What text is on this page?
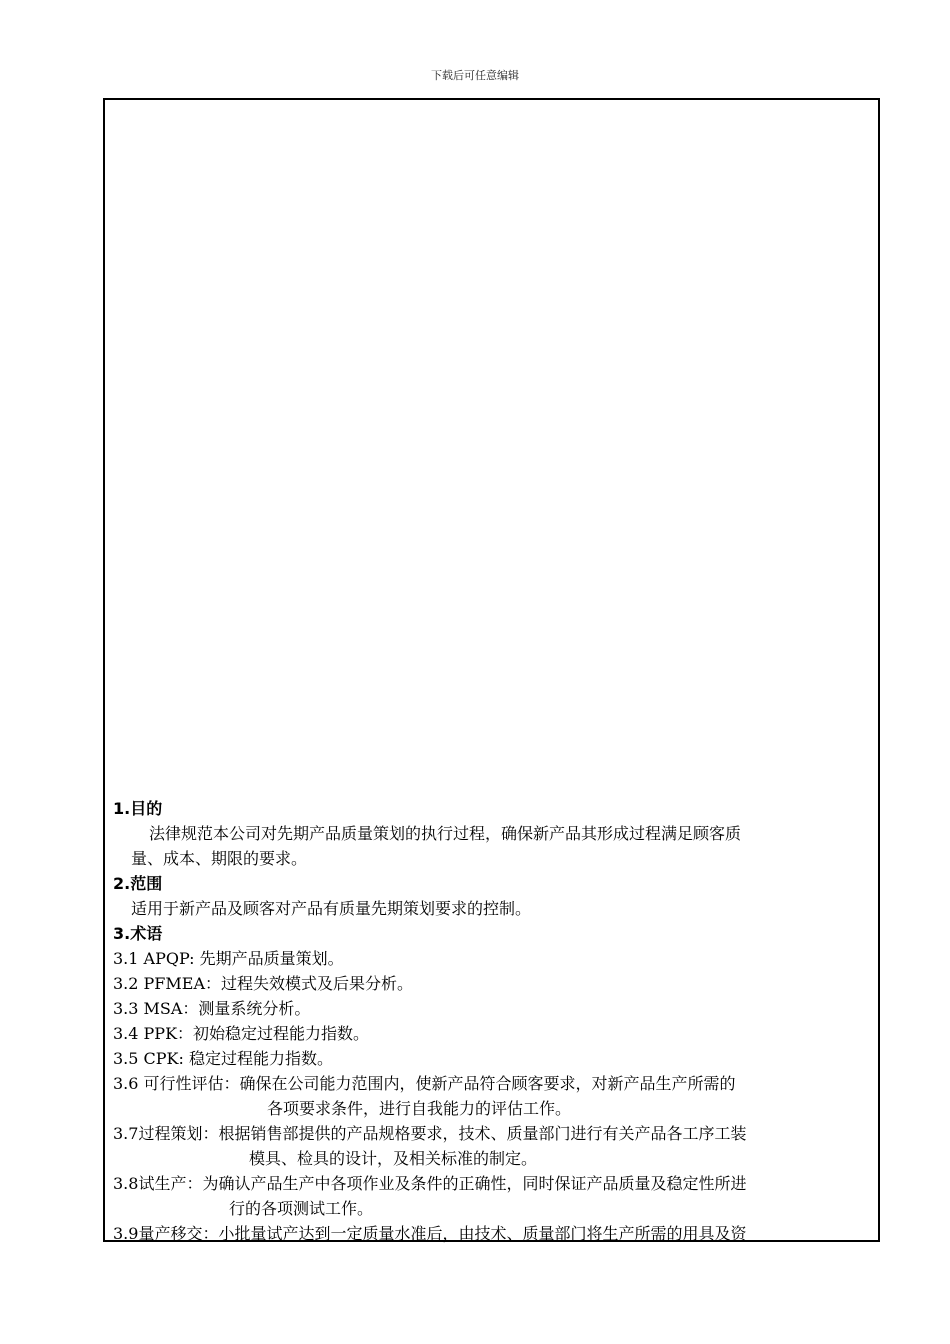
下载后可任意编辑
1.目的
法律规范本公司对先期产品质量策划的执行过程，确保新产品其形成过程满足顾客质
量、成本、期限的要求。
2.范围
适用于新产品及顾客对产品有质量先期策划要求的控制。
3.术语
3.1 APQP: 先期产品质量策划。
3.2 PFMEA：过程失效模式及后果分析。
3.3 MSA：测量系统分析。
3.4 PPK：初始稳定过程能力指数。
3.5 CPK: 稳定过程能力指数。
3.6 可行性评估：确保在公司能力范围内，使新产品符合顾客要求，对新产品生产所需的
各项要求条件，进行自我能力的评估工作。
3.7过程策划：根据销售部提供的产品规格要求，技术、质量部门进行有关产品各工序工装
模具、检具的设计，及相关标准的制定。
3.8试生产：为确认产品生产中各项作业及条件的正确性，同时保证产品质量及稳定性所进
行的各项测试工作。
3.9量产移交：小批量试产达到一定质量水准后，由技术、质量部门将生产所需的用具及资
